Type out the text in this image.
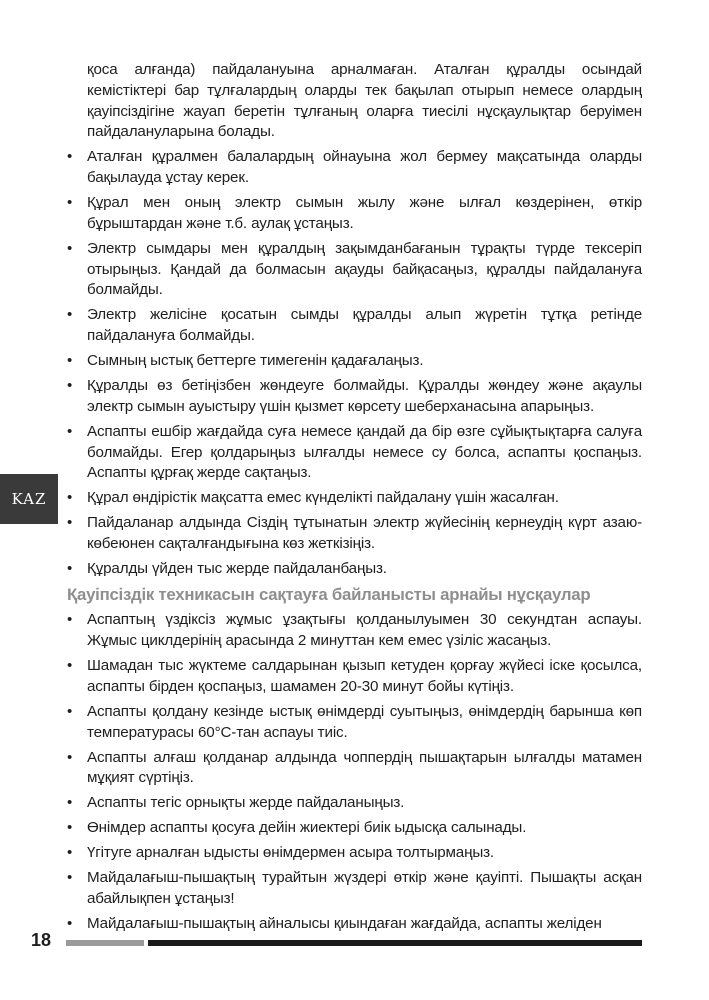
қоса алғанда) пайдалануына арналмаған. Аталған құралды осындай кемістіктері бар тұлғалардың оларды тек бақылап отырып немесе олардың қауіпсіздігіне жауап беретін тұлғаның оларға тиесілі нұсқаулықтар беруімен пайдалануларына болады.

• Аталған құралмен балалардың ойнауына жол бермеу мақсатында оларды бақылауда ұстау керек.
• Құрал мен оның электр сымын жылу және ылғал көздерінен, өткір бұрыштардан және т.б. аулақ ұстаңыз.
• Электр сымдары мен құралдың зақымданбағанын тұрақты түрде тексеріп отырыңыз. Қандай да болмасын ақауды байқасаңыз, құралды пайдалануға болмайды.
• Электр желісіне қосатын сымды құралды алып жүретін тұтқа ретінде пайдалануға болмайды.
• Сымның ыстық беттерге тимегенін қадағалаңыз.
• Құралды өз бетіңізбен жөндеуге болмайды. Құралды жөндеу және ақаулы электр сымын ауыстыру үшін қызмет көрсету шеберханасына апарыңыз.
• Аспапты ешбір жағдайда суға немесе қандай да бір өзге сұйықтықтарға салуға болмайды. Егер қолдарыңыз ылғалды немесе су болса, аспапты қоспаңыз. Аспапты құрғақ жерде сақтаңыз.
• Құрал өндірістік мақсатта емес күнделікті пайдалану үшін жасалған.
• Пайдаланар алдында Сіздің тұтынатын электр жүйесінің кернеудің күрт азаю-көбеюнен сақталғандығына көз жеткізіңіз.
• Құралды үйден тыс жерде пайдаланбаңыз.
Қауіпсіздік техникасын сақтауға байланысты арнайы нұсқаулар
• Аспаптың үздіксіз жұмыс ұзақтығы қолданылуымен 30 секундтан аспауы. Жұмыс циклдерінің арасында 2 минуттан кем емес үзіліс жасаңыз.
• Шамадан тыс жүктеме салдарынан қызып кетуден қорғау жүйесі іске қосылса, аспапты бірден қоспаңыз, шамамен 20-30 минут бойы күтіңіз.
• Аспапты қолдану кезінде ыстық өнімдерді суытыңыз, өнімдердің барынша көп температурасы 60°С-тан аспауы тиіс.
• Аспапты алғаш қолданар алдында чоппердің пышақтарын ылғалды матамен мұқият сүртіңіз.
• Аспапты тегіс орнықты жерде пайдаланыңыз.
• Өнімдер аспапты қосуға дейін жиектері биік ыдысқа салынады.
• Үгітуге арналған ыдысты өнімдермен асыра толтырмаңыз.
• Майдалағыш-пышақтың турайтын жүздері өткір және қауіпті. Пышақты асқан абайлықпен ұстаңыз!
• Майдалағыш-пышақтың айналысы қиындаған жағдайда, аспапты желіден
KAZ
18
